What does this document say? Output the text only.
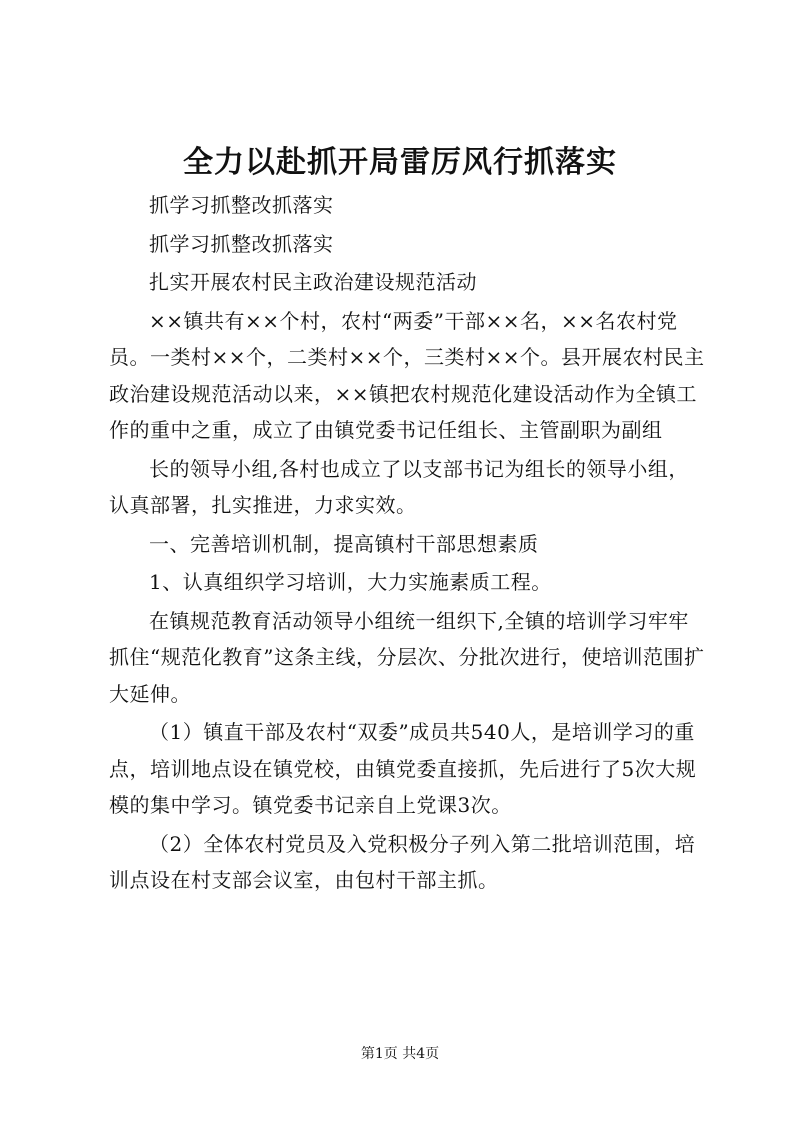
全力以赴抓开局雷厉风行抓落实

抓学习抓整改抓落实

抓学习抓整改抓落实

扎实开展农村民主政治建设规范活动

××镇共有××个村，农村“两委”干部××名，××名农村党员。一类村××个，二类村××个，三类村××个。县开展农村民主政治建设规范活动以来，××镇把农村规范化建设活动作为全镇工作的重中之重，成立了由镇党委书记任组长、主管副职为副组

长的领导小组,各村也成立了以支部书记为组长的领导小组，认真部署，扎实推进，力求实效。

一、完善培训机制，提高镇村干部思想素质

1、认真组织学习培训，大力实施素质工程。

在镇规范教育活动领导小组统一组织下,全镇的培训学习牢牢抓住“规范化教育”这条主线，分层次、分批次进行，使培训范围扩大延伸。

（1）镇直干部及农村“双委”成员共540人，是培训学习的重点，培训地点设在镇党校，由镇党委直接抓，先后进行了5次大规模的集中学习。镇党委书记亲自上党课3次。

（2）全体农村党员及入党积极分子列入第二批培训范围，培训点设在村支部会议室，由包村干部主抓。

第1页 共4页
